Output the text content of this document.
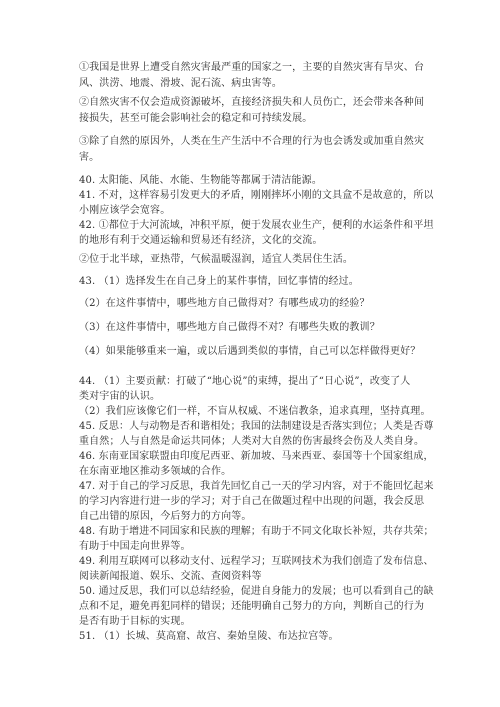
①我国是世界上遭受自然灾害最严重的国家之一，主要的自然灾害有旱灾、台
风、洪涝、地震、滑坡、泥石流、病虫害等。
②自然灾害不仅会造成资源破坏，直接经济损失和人员伤亡，还会带来各种间
接损失，甚至可能会影响社会的稳定和可持续发展。
③除了自然的原因外，人类在生产生活中不合理的行为也会诱发或加重自然灾
害。
40. 太阳能、风能、水能、生物能等都属于清洁能源。
41. 不对，这样容易引发更大的矛盾，刚刚摔坏小刚的文具盒不是故意的，所以
小刚应该学会宽容。
42. ①都位于大河流域，冲积平原，便于发展农业生产，便利的水运条件和平坦
的地形有利于交通运输和贸易还有经济，文化的交流。
②位于北半球，亚热带，气候温暖湿润，适宜人类居住生活。
43. （1）选择发生在自己身上的某件事情，回忆事情的经过。
（2）在这件事情中，哪些地方自己做得对？有哪些成功的经验？
（3）在这件事情中，哪些地方自己做得不对？有哪些失败的教训？
（4）如果能够重来一遍，或以后遇到类似的事情，自己可以怎样做得更好？
44. （1）主要贡献：打破了“地心说”的束缚，提出了“日心说”，改变了人
类对宇宙的认识。
（2）我们应该像它们一样，不盲从权威、不迷信教条，追求真理，坚持真理。
45. 反思：人与动物是否和谐相处；我国的法制建设是否落实到位；人类是否尊
重自然；人与自然是命运共同体；人类对大自然的伤害最终会伤及人类自身。
46. 东南亚国家联盟由印度尼西亚、新加坡、马来西亚、泰国等十个国家组成，
在东南亚地区推动多领域的合作。
47. 对于自己的学习反思，我首先回忆自己一天的学习内容，对于不能回忆起来
的学习内容进行进一步的学习；对于自己在做题过程中出现的问题，我会反思
自己出错的原因，今后努力的方向等。
48. 有助于增进不同国家和民族的理解；有助于不同文化取长补短，共存共荣；
有助于中国走向世界等。
49. 利用互联网可以移动支付、远程学习；互联网技术为我们创造了发布信息、
阅读新闻报道、娱乐、交流、查阅资料等
50. 通过反思，我们可以总结经验，促进自身能力的发展；也可以看到自己的缺
点和不足，避免再犯同样的错误；还能明确自己努力的方向，判断自己的行为
是否有助于目标的实现。
51. （1）长城、莫高窟、故宫、秦始皇陵、布达拉宫等。
